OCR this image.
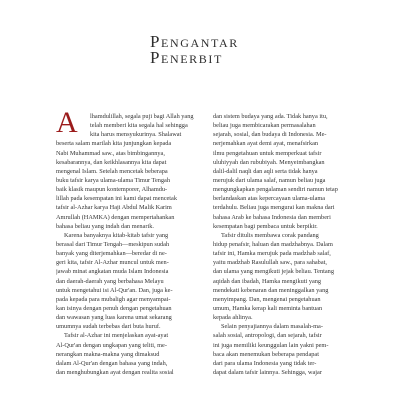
Pengantar
Penerbit
A	lhamdulillah, segala puji bagi Allah yang
telah memberi kita segala hal sehingga
kita harus mensyukurinya. Shalawat
beserta salam marilah kita junjungkan kepada
Nabi Muhammad saw., atas bimbingannya,
kesabarannya, dan keikhlasannya kita dapat
mengenal Islam. Setelah mencetak beberapa
buku tafsir karya ulama-ulama Timur Tengah
baik klasik maupun kontemporer, Alhamdu-
lillah pada kesempatan ini kami dapat mencetak
tafsir al-Azhar karya Haji Abdul Malik Karim
Amrullah (HAMKA) dengan mempertahankan
bahasa beliau yang indah dan menarik.
Karena banyaknya kitab-kitab tafsir yang
berasal dari Timur Tengah—meskipun sudah
banyak yang diterjemahkan—beredar di ne-
geri kita, tafsir Al-Azhar muncul untuk men-
jawab minat angkatan muda Islam Indonesia
dan daerah-daerah yang berbahasa Melayu
untuk mengetahui isi Al-Qur'an. Dan, juga ke-
pada kepada para mubaligh agar menyampai-
kan isinya dengan penuh dengan pengetahuan
dan wawasan yang luas karena umat sekarang
umumnya sudah terbebas dari buta huruf.
Tafsir al-Azhar ini menjelaskan ayat-ayat
Al-Qur'an dengan ungkapan yang teliti, me-
nerangkan makna-makna yang dimaksud
dalam Al-Qur'an dengan bahasa yang indah,
dan menghubungkan ayat dengan realita sosial
dan sistem budaya yang ada. Tidak hanya itu,
beliau juga membicarakan permasalahan
sejarah, sosial, dan budaya di Indonesia. Me-
nerjemahkan ayat demi ayat, menafsirkan
ilmu pengetahuan untuk memperkuat tafsir
uluhiyyah dan rububiyah. Menyeimbangkan
dalil-dalil naqli dan aqli serta tidak hanya
merujuk dari ulama salaf, namun beliau juga
mengungkapkan pengalaman sendiri namun tetap
berlandaskan atas kepercayaan ulama-ulama
terdahulu. Beliau juga mengurai kan makna dari
bahasa Arab ke bahasa Indonesia dan memberi
kesempatan bagi pembaca untuk berpikir.
Tafsir ditulis membawa corak pandang
hidup penafsir, haluan dan madzhabnya. Dalam
tafsir ini, Hamka merujuk pada madzhab salaf,
yaitu madzhab Rasulullah saw., para sahabat,
dan ulama yang mengikuti jejak beliau. Tentang
aqidah dan ibadah, Hamka mengikuti yang
mendekati kebenaran dan meninggalkan yang
menyimpang. Dan, mengenai pengetahuan
umum, Hamka kerap kali meminta bantuan
kepada ahlinya.
Selain penyajiannya dalam masalah-ma-
salah sosial, antropologi, dan sejarah, tafsir
ini juga memiliki keunggulan lain yakni pem-
baca akan menemukan beberapa pendapat
dari para ulama Indonesia yang tidak ter-
dapat dalam tafsir lainnya. Sehingga, wajar
